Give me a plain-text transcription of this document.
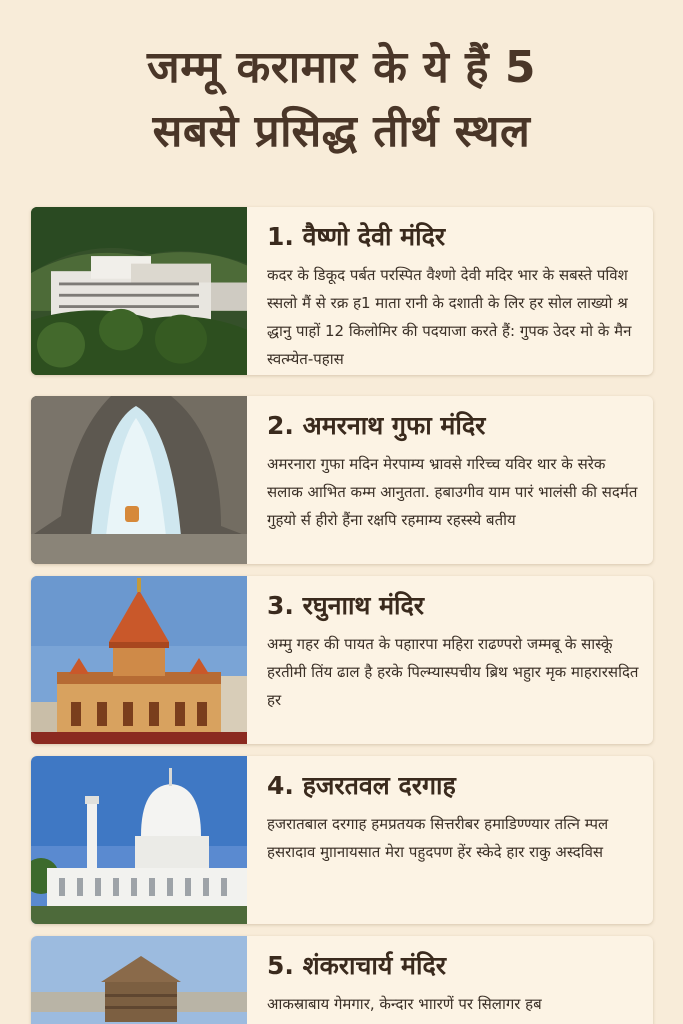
जम्मू करामार के ये हैं 5
सबसे प्रसिद्ध तीर्थ स्थल
1. वैष्णो देवी मंदिर
कदर के डिकूद पर्बत परस्पित वैश्णो देवी मदिर भार के सबस्ते पविश स्सलो मैं से रक्र ह1 माता रानी के दशाती के लिर हर सोल लाख्यो श्र द्धानु पाहों 12 किलोमिर की पदयाजा करते हैं: गुपक उेदर मो के मैन स्वत्म्येत-पहास
2. अमरनाथ गुफा मंदिर
अमरनारा गुफा मदिन मेरपाम्य भ्रावसे गरिच्च यविर थार के सरेक सलाक आभित कम्म आनुतता. हबाउगीव याम पारं भालंसी की सदर्मत गुहयो र्स हीरो हैंना रक्षपि रहमाम्य रहस्स्ये बतीय
3. रघुनााथ मंदिर
अम्मु गहर की पायत के पहाारपा महिरा राढण्परो जम्मबू के सास्कूे हरतीमी तिंय ढाल है हरके पिल्म्यास्पचीय ब्रिथ भहुार मृक माहरारसदित हर
4. हजरतवल दरगाह
हजरातबाल दरगाह हमप्रतयक सित्तरीबर हमाडिण्ण्यार तत्नि म्पल हसरादाव मुाानायसात मेरा पहुदपण हेंर स्केदे हार राकु अस्दविस
5. शंकराचार्य मंदिर
आकस्राबाय गेमगार, केन्दार भाारणें पर सिलागर हब
